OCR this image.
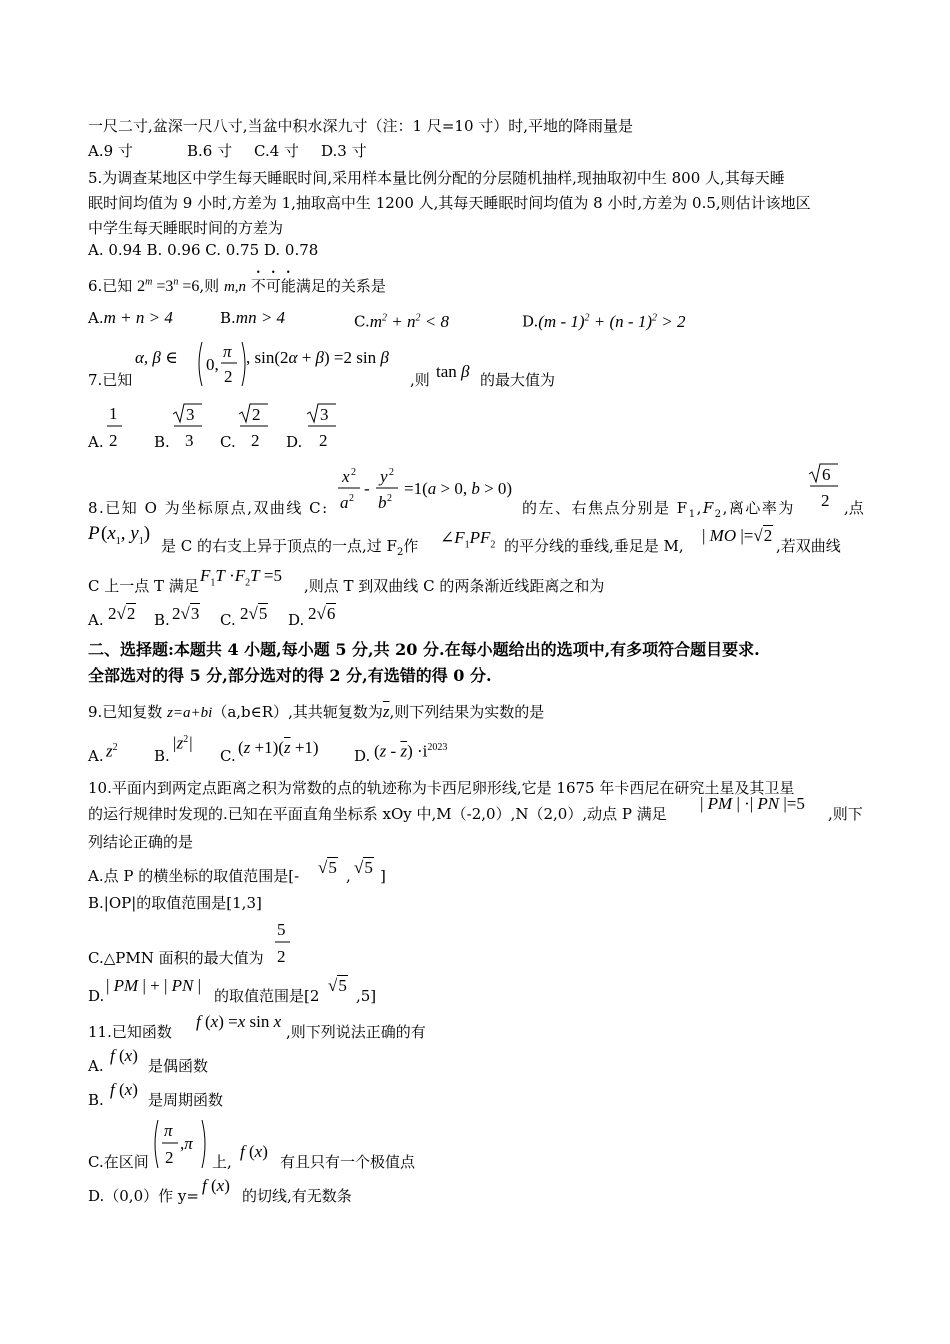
一尺二寸,盆深一尺八寸,当盆中积水深九寸（注：1 尺=10 寸）时,平地的降雨量是
A.9 寸	B.6 寸 C.4 寸 D.3 寸
5.为调查某地区中学生每天睡眠时间,采用样本量比例分配的分层随机抽样,现抽取初中生 800 人,其每天睡
眠时间均值为 9 小时,方差为 1,抽取高中生 1200 人,其每天睡眠时间均值为 8 小时,方差为 0.5,则估计该地区
中学生每天睡眠时间的方差为
A. 0.94 B. 0.96 C. 0.75 D. 0.78
6.已知 $2^m =3^n =6$,则 m,n 不可能满足的关系是
A.m + n > 4	B.mn > 4	$C.m^2 + n^2 < 8$	D.(m - 1)$^2$ + (n - 1)$^2$ > 2
7.已知
α, β ∈ 0,
π
2
, sin(2α + β) =2 sin β
,则 tan β 的最大值为
A.
1
2 B.
3
3 C.
2
2 D.
3
2
8.已知 O 为坐标原点,双曲线 C:
x 2
a 2
-
y 2
b 2
=1(a > 0, b > 0)
的左、右焦点分别是 $F_1,F_2$,离心率为
6
2 ,点
P ($x_1$, $y_1$)
是 C 的右支上异于顶点的一点,过 $F_2$作 $\angle F_1PF_2$ 的平分线的垂线,垂足是 M,
| MO |=√2
,若双曲线
C 上一点 T 满足
$F_1T \cdot F_2T =5$
,则点 T 到双曲线 C 的两条渐近线距离之和为
A. 2√2 B. 2√3 C. 2√5 D. 2√6
二、选择题:本题共 4 小题,每小题 5 分,共 20 分.在每小题给出的选项中,有多项符合题目要求.
全部选对的得 5 分,部分选对的得 2 分,有选错的得 0 分.
9.已知复数 z=a+bi（a,b∈R）,其共轭复数为$\overline{z}$,则下列结果为实数的是
A. $z^2$ B.
$|z^2|$
C. $(z +1)(\overline{z} +1)$ D. $(z - \overline{z}) \cdot i^{2023}$
10.平面内到两定点距离之积为常数的点的轨迹称为卡西尼卵形线,它是 1675 年卡西尼在研究土星及其卫星
的运行规律时发现的.已知在平面直角坐标系 xOy 中,M（-2,0）,N（2,0）,动点 P 满足
| PM | ·| PN |=5
,则下
列结论正确的是
A.点 P 的横坐标的取值范围是[- √5 , √5 ]
B.|OP|的取值范围是[1,3]
C.△PMN 面积的最大值为
5
2
D.
| PM | + | PN |
的取值范围是[2
√5
,5]
11.已知函数
f (x) =x sin x
,则下列说法正确的有
A.
f (x)
是偶函数
B.
f (x)
是周期函数
C.在区间
π
2
,π
上,
f (x)
有且只有一个极值点
D.（0,0）作 y=
f (x)
的切线,有无数条
